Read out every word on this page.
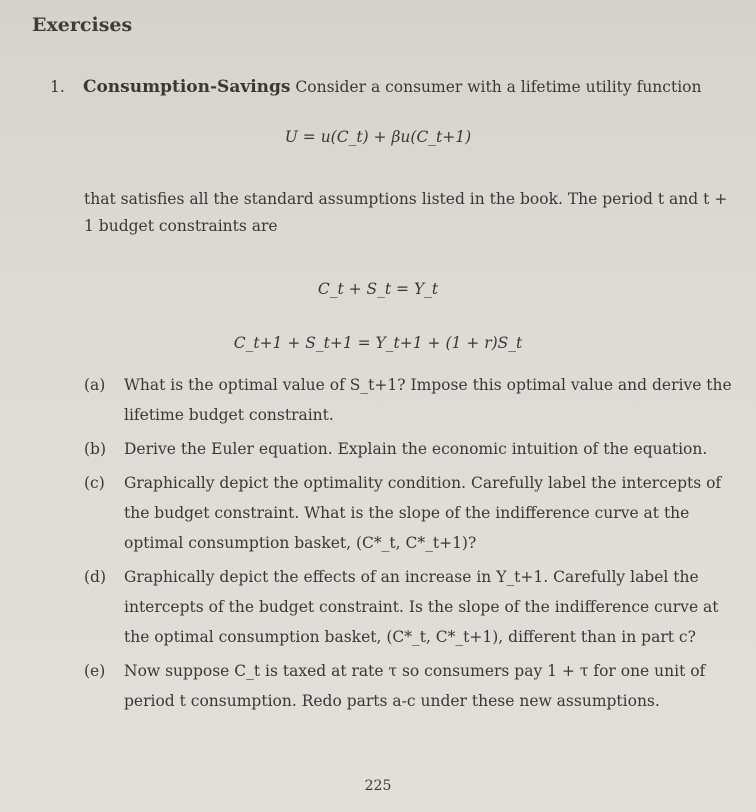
Exercises
1. Consumption-Savings Consider a consumer with a lifetime utility function
U = u(C_t) + βu(C_t+1)
that satisfies all the standard assumptions listed in the book. The period t and t + 1 budget constraints are
C_t + S_t = Y_t
C_t+1 + S_t+1 = Y_t+1 + (1 + r)S_t
(a)	What is the optimal value of S_t+1? Impose this optimal value and derive the lifetime budget constraint.
(b)	Derive the Euler equation. Explain the economic intuition of the equation.
(c)	Graphically depict the optimality condition. Carefully label the intercepts of the budget constraint. What is the slope of the indifference curve at the optimal consumption basket, (C*_t, C*_t+1)?
(d)	Graphically depict the effects of an increase in Y_t+1. Carefully label the intercepts of the budget constraint. Is the slope of the indifference curve at the optimal consumption basket, (C*_t, C*_t+1), different than in part c?
(e)	Now suppose C_t is taxed at rate τ so consumers pay 1 + τ for one unit of period t consumption. Redo parts a-c under these new assumptions.
225
